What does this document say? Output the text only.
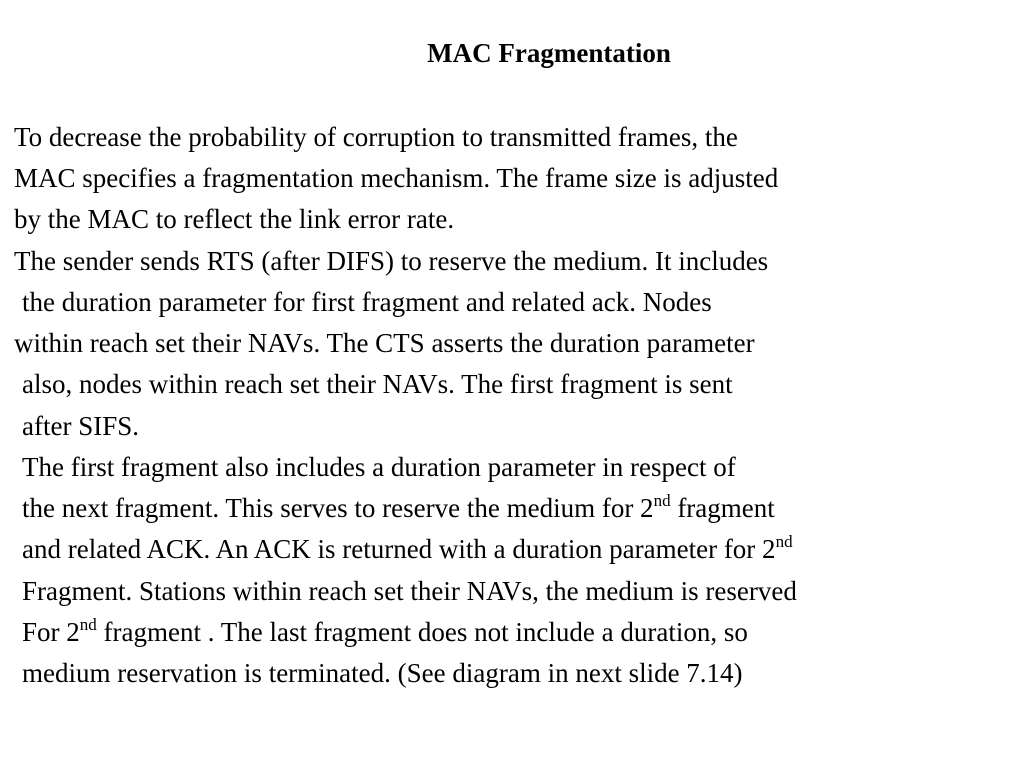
MAC Fragmentation
To decrease the probability of corruption to transmitted frames, the
MAC specifies a fragmentation mechanism. The frame size is adjusted
by the MAC to reflect the link error rate.
The sender sends RTS (after DIFS) to reserve the medium. It includes
the duration parameter for first fragment and related ack. Nodes
within reach set their NAVs. The CTS asserts the duration parameter
also, nodes within reach set their NAVs. The first fragment is sent
after SIFS.
The first fragment also includes a duration parameter in respect of
the next fragment. This serves to reserve the medium for 2nd fragment
and related ACK. An ACK is returned with a duration parameter for 2nd
Fragment. Stations within reach set their NAVs, the medium is reserved
For 2nd fragment . The last fragment does not include a duration, so
medium reservation is terminated. (See diagram in next slide 7.14)
